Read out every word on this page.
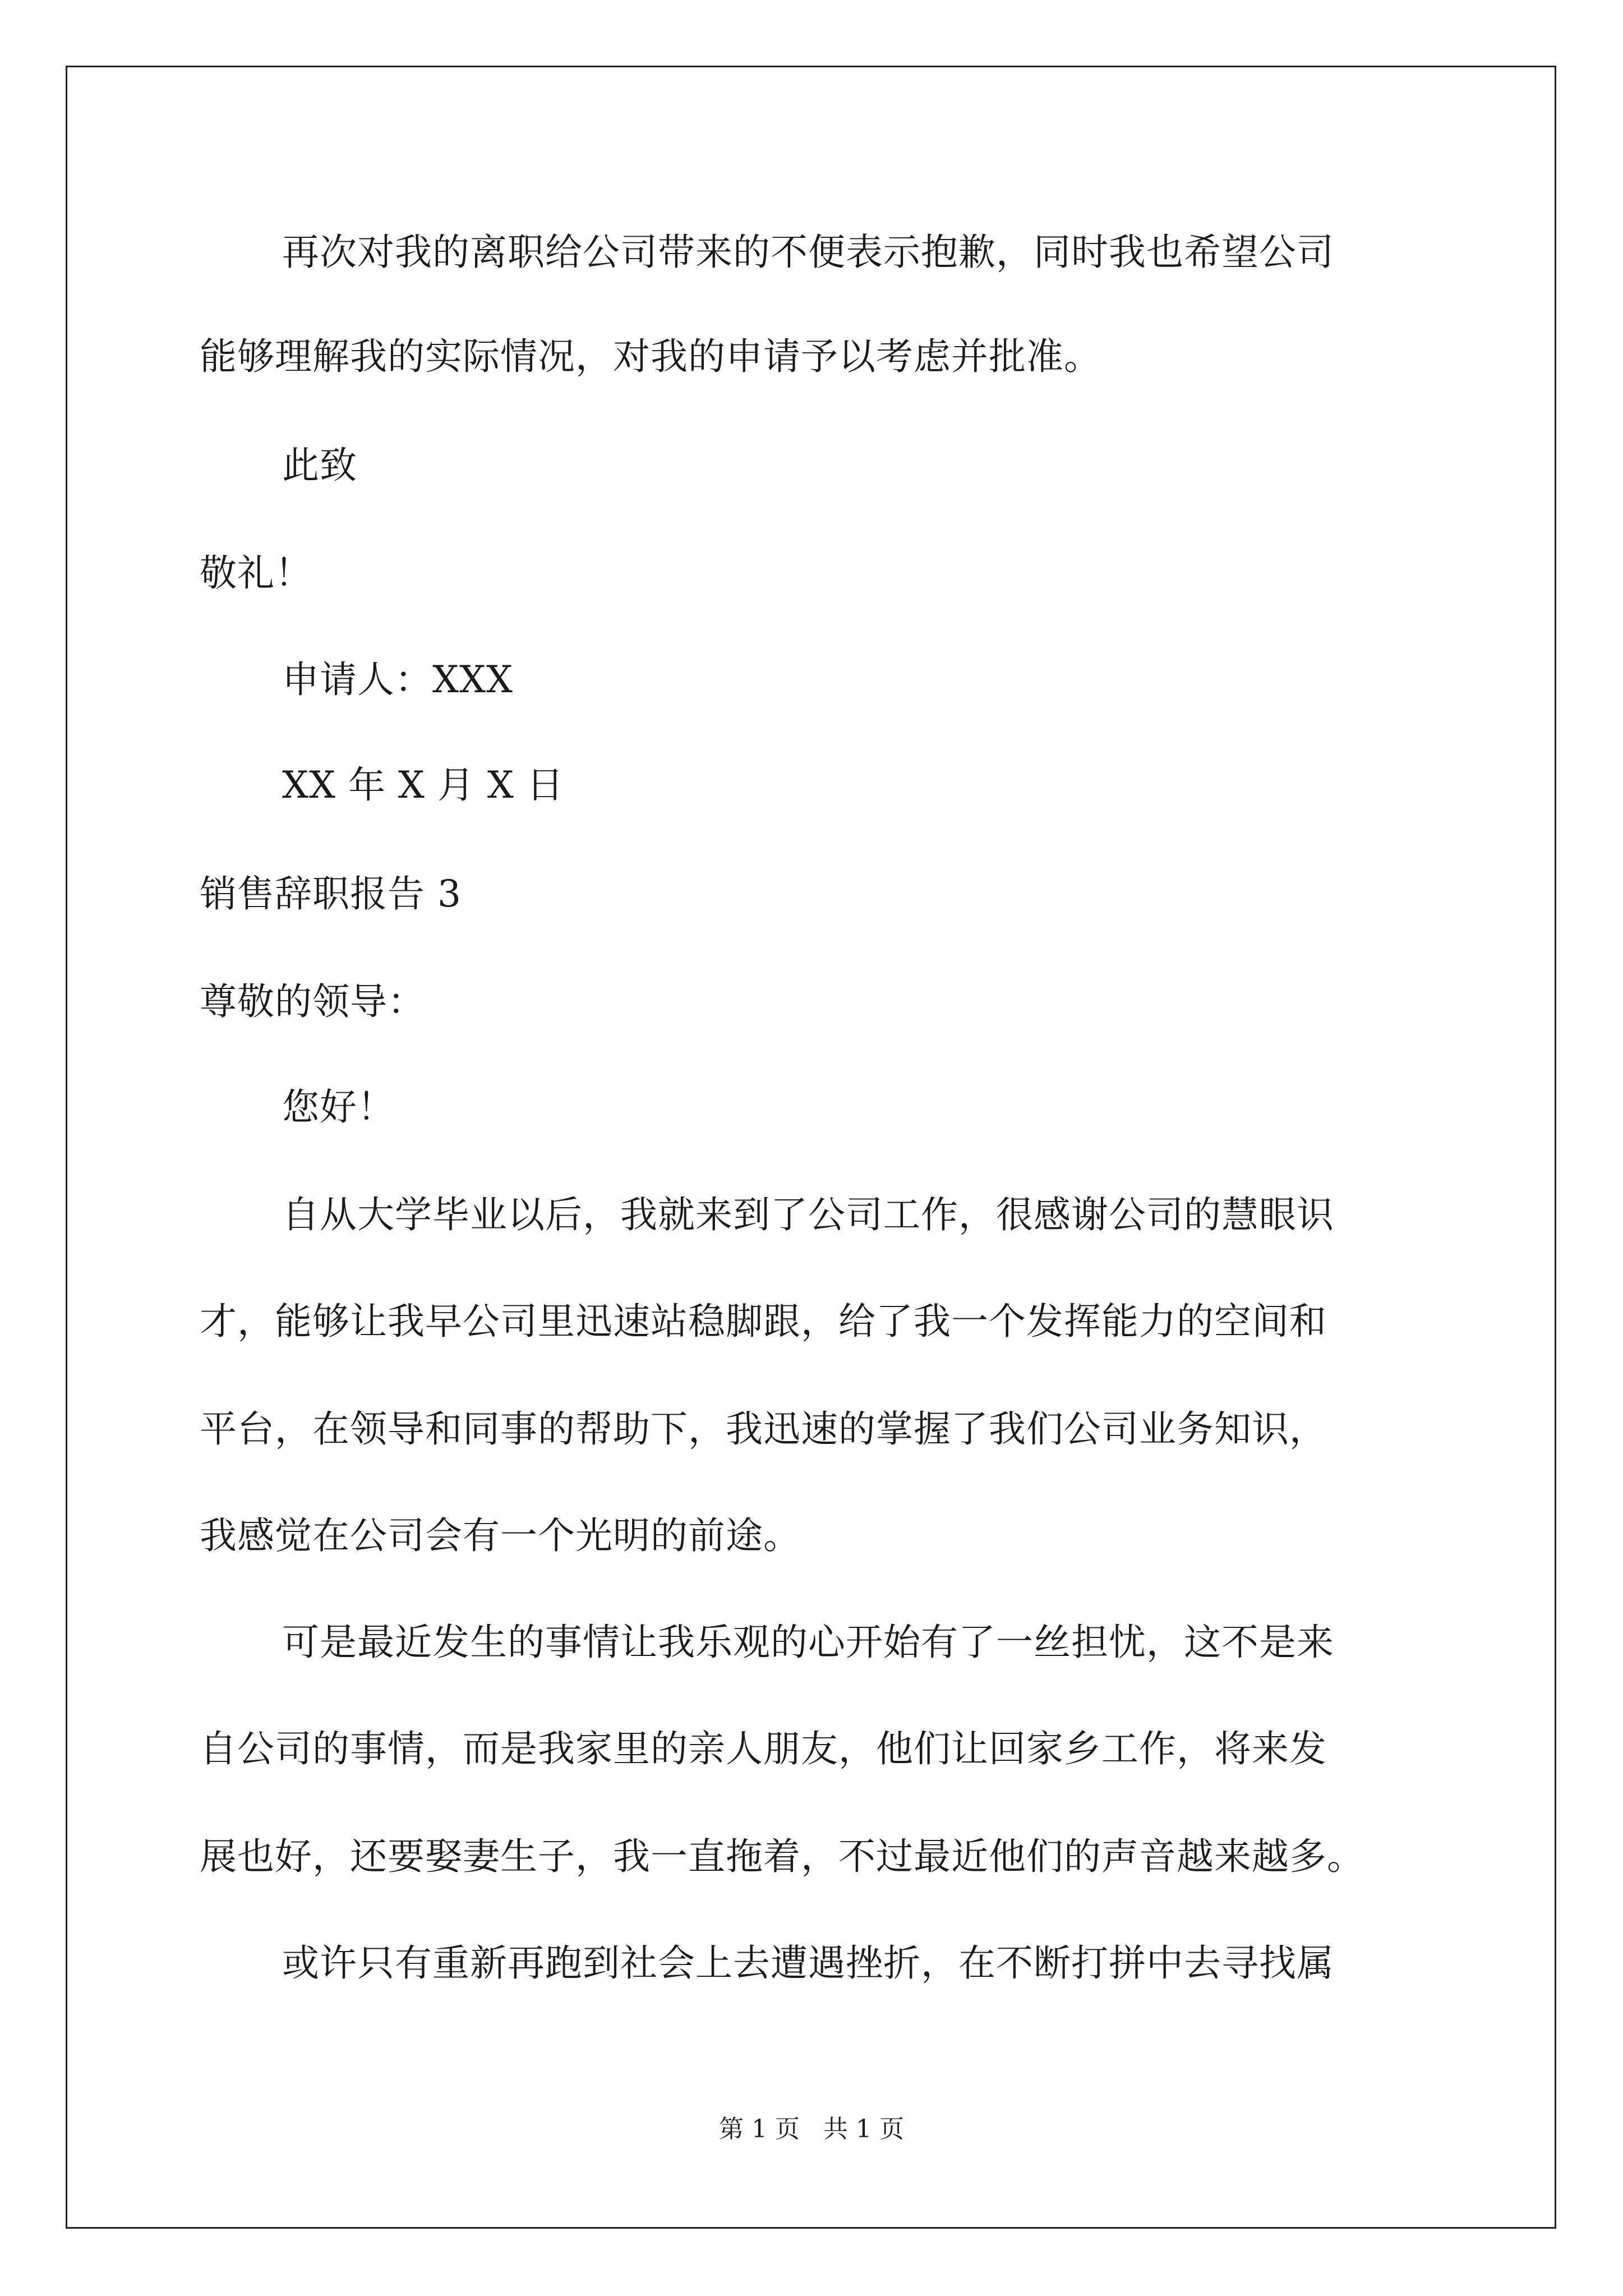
再次对我的离职给公司带来的不便表示抱歉，同时我也希望公司
能够理解我的实际情况，对我的申请予以考虑并批准。
此致
敬礼！
申请人：XXX
XX 年 X 月 X 日
销售辞职报告 3
尊敬的领导：
您好！
自从大学毕业以后，我就来到了公司工作，很感谢公司的慧眼识
才，能够让我早公司里迅速站稳脚跟，给了我一个发挥能力的空间和
平台，在领导和同事的帮助下，我迅速的掌握了我们公司业务知识，
我感觉在公司会有一个光明的前途。
可是最近发生的事情让我乐观的心开始有了一丝担忧，这不是来
自公司的事情，而是我家里的亲人朋友，他们让回家乡工作，将来发
展也好，还要娶妻生子，我一直拖着，不过最近他们的声音越来越多。
或许只有重新再跑到社会上去遭遇挫折，在不断打拼中去寻找属
第 1 页   共 1 页
